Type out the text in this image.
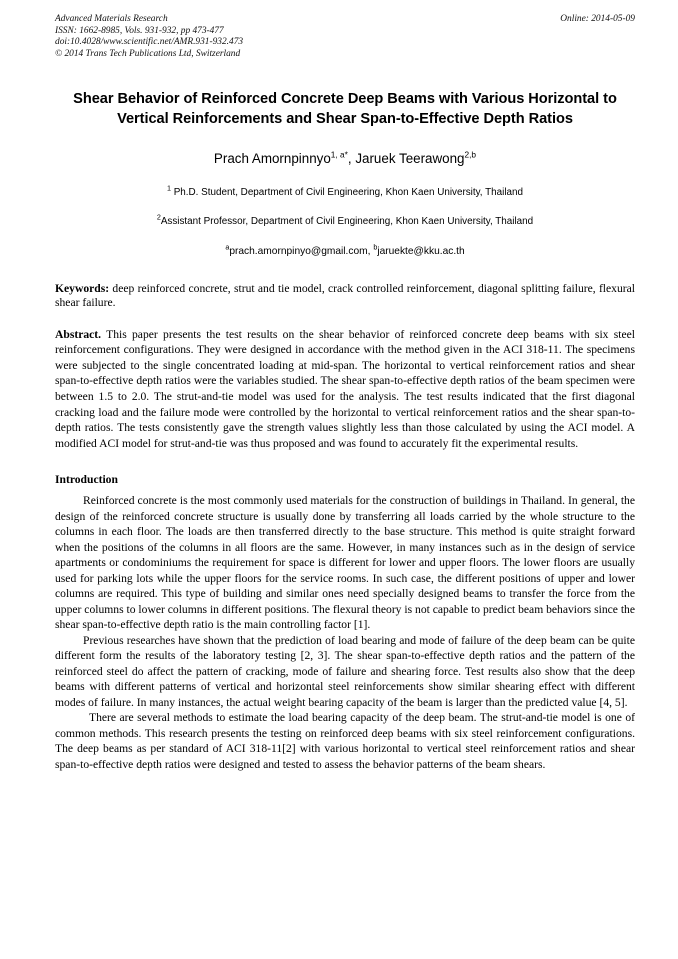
Advanced Materials Research
ISSN: 1662-8985, Vols. 931-932, pp 473-477
doi:10.4028/www.scientific.net/AMR.931-932.473
© 2014 Trans Tech Publications Ltd, Switzerland
Online: 2014-05-09
Shear Behavior of Reinforced Concrete Deep Beams with Various Horizontal to Vertical Reinforcements and Shear Span-to-Effective Depth Ratios
Prach Amornpinnyo$^{1, a*}$, Jaruek Teerawong$^{2,b}$
$^1$ Ph.D. Student, Department of Civil Engineering, Khon Kaen University, Thailand
$^2$Assistant Professor, Department of Civil Engineering, Khon Kaen University, Thailand
$^a$prach.amornpinyo@gmail.com, $^b$jaruekte@kku.ac.th
Keywords: deep reinforced concrete, strut and tie model, crack controlled reinforcement, diagonal splitting failure, flexural shear failure.
Abstract. This paper presents the test results on the shear behavior of reinforced concrete deep beams with six steel reinforcement configurations. They were designed in accordance with the method given in the ACI 318-11. The specimens were subjected to the single concentrated loading at mid-span. The horizontal to vertical reinforcement ratios and shear span-to-effective depth ratios were the variables studied. The shear span-to-effective depth ratios of the beam specimen were between 1.5 to 2.0. The strut-and-tie model was used for the analysis. The test results indicated that the first diagonal cracking load and the failure mode were controlled by the horizontal to vertical reinforcement ratios and the shear span-to-depth ratios. The tests consistently gave the strength values slightly less than those calculated by using the ACI model. A modified ACI model for strut-and-tie was thus proposed and was found to accurately fit the experimental results.
Introduction

Reinforced concrete is the most commonly used materials for the construction of buildings in Thailand. In general, the design of the reinforced concrete structure is usually done by transferring all loads carried by the whole structure to the columns in each floor. The loads are then transferred directly to the base structure. This method is quite straight forward when the positions of the columns in all floors are the same. However, in many instances such as in the design of service apartments or condominiums the requirement for space is different for lower and upper floors. The lower floors are usually used for parking lots while the upper floors for the service rooms. In such case, the different positions of upper and lower columns are required. This type of building and similar ones need specially designed beams to transfer the force from the upper columns to lower columns in different positions. The flexural theory is not capable to predict beam behaviors since the shear span-to-effective depth ratio is the main controlling factor [1].

Previous researches have shown that the prediction of load bearing and mode of failure of the deep beam can be quite different form the results of the laboratory testing [2, 3]. The shear span-to-effective depth ratios and the pattern of the reinforced steel do affect the pattern of cracking, mode of failure and shearing force. Test results also show that the deep beams with different patterns of vertical and horizontal steel reinforcements show similar shearing effect with different modes of failure. In many instances, the actual weight bearing capacity of the beam is larger than the predicted value [4, 5].

There are several methods to estimate the load bearing capacity of the deep beam. The strut-and-tie model is one of common methods. This research presents the testing on reinforced deep beams with six steel reinforcement configurations. The deep beams as per standard of ACI 318-11[2] with various horizontal to vertical steel reinforcement ratios and shear span-to-effective depth ratios were designed and tested to assess the behavior patterns of the beam shears.
